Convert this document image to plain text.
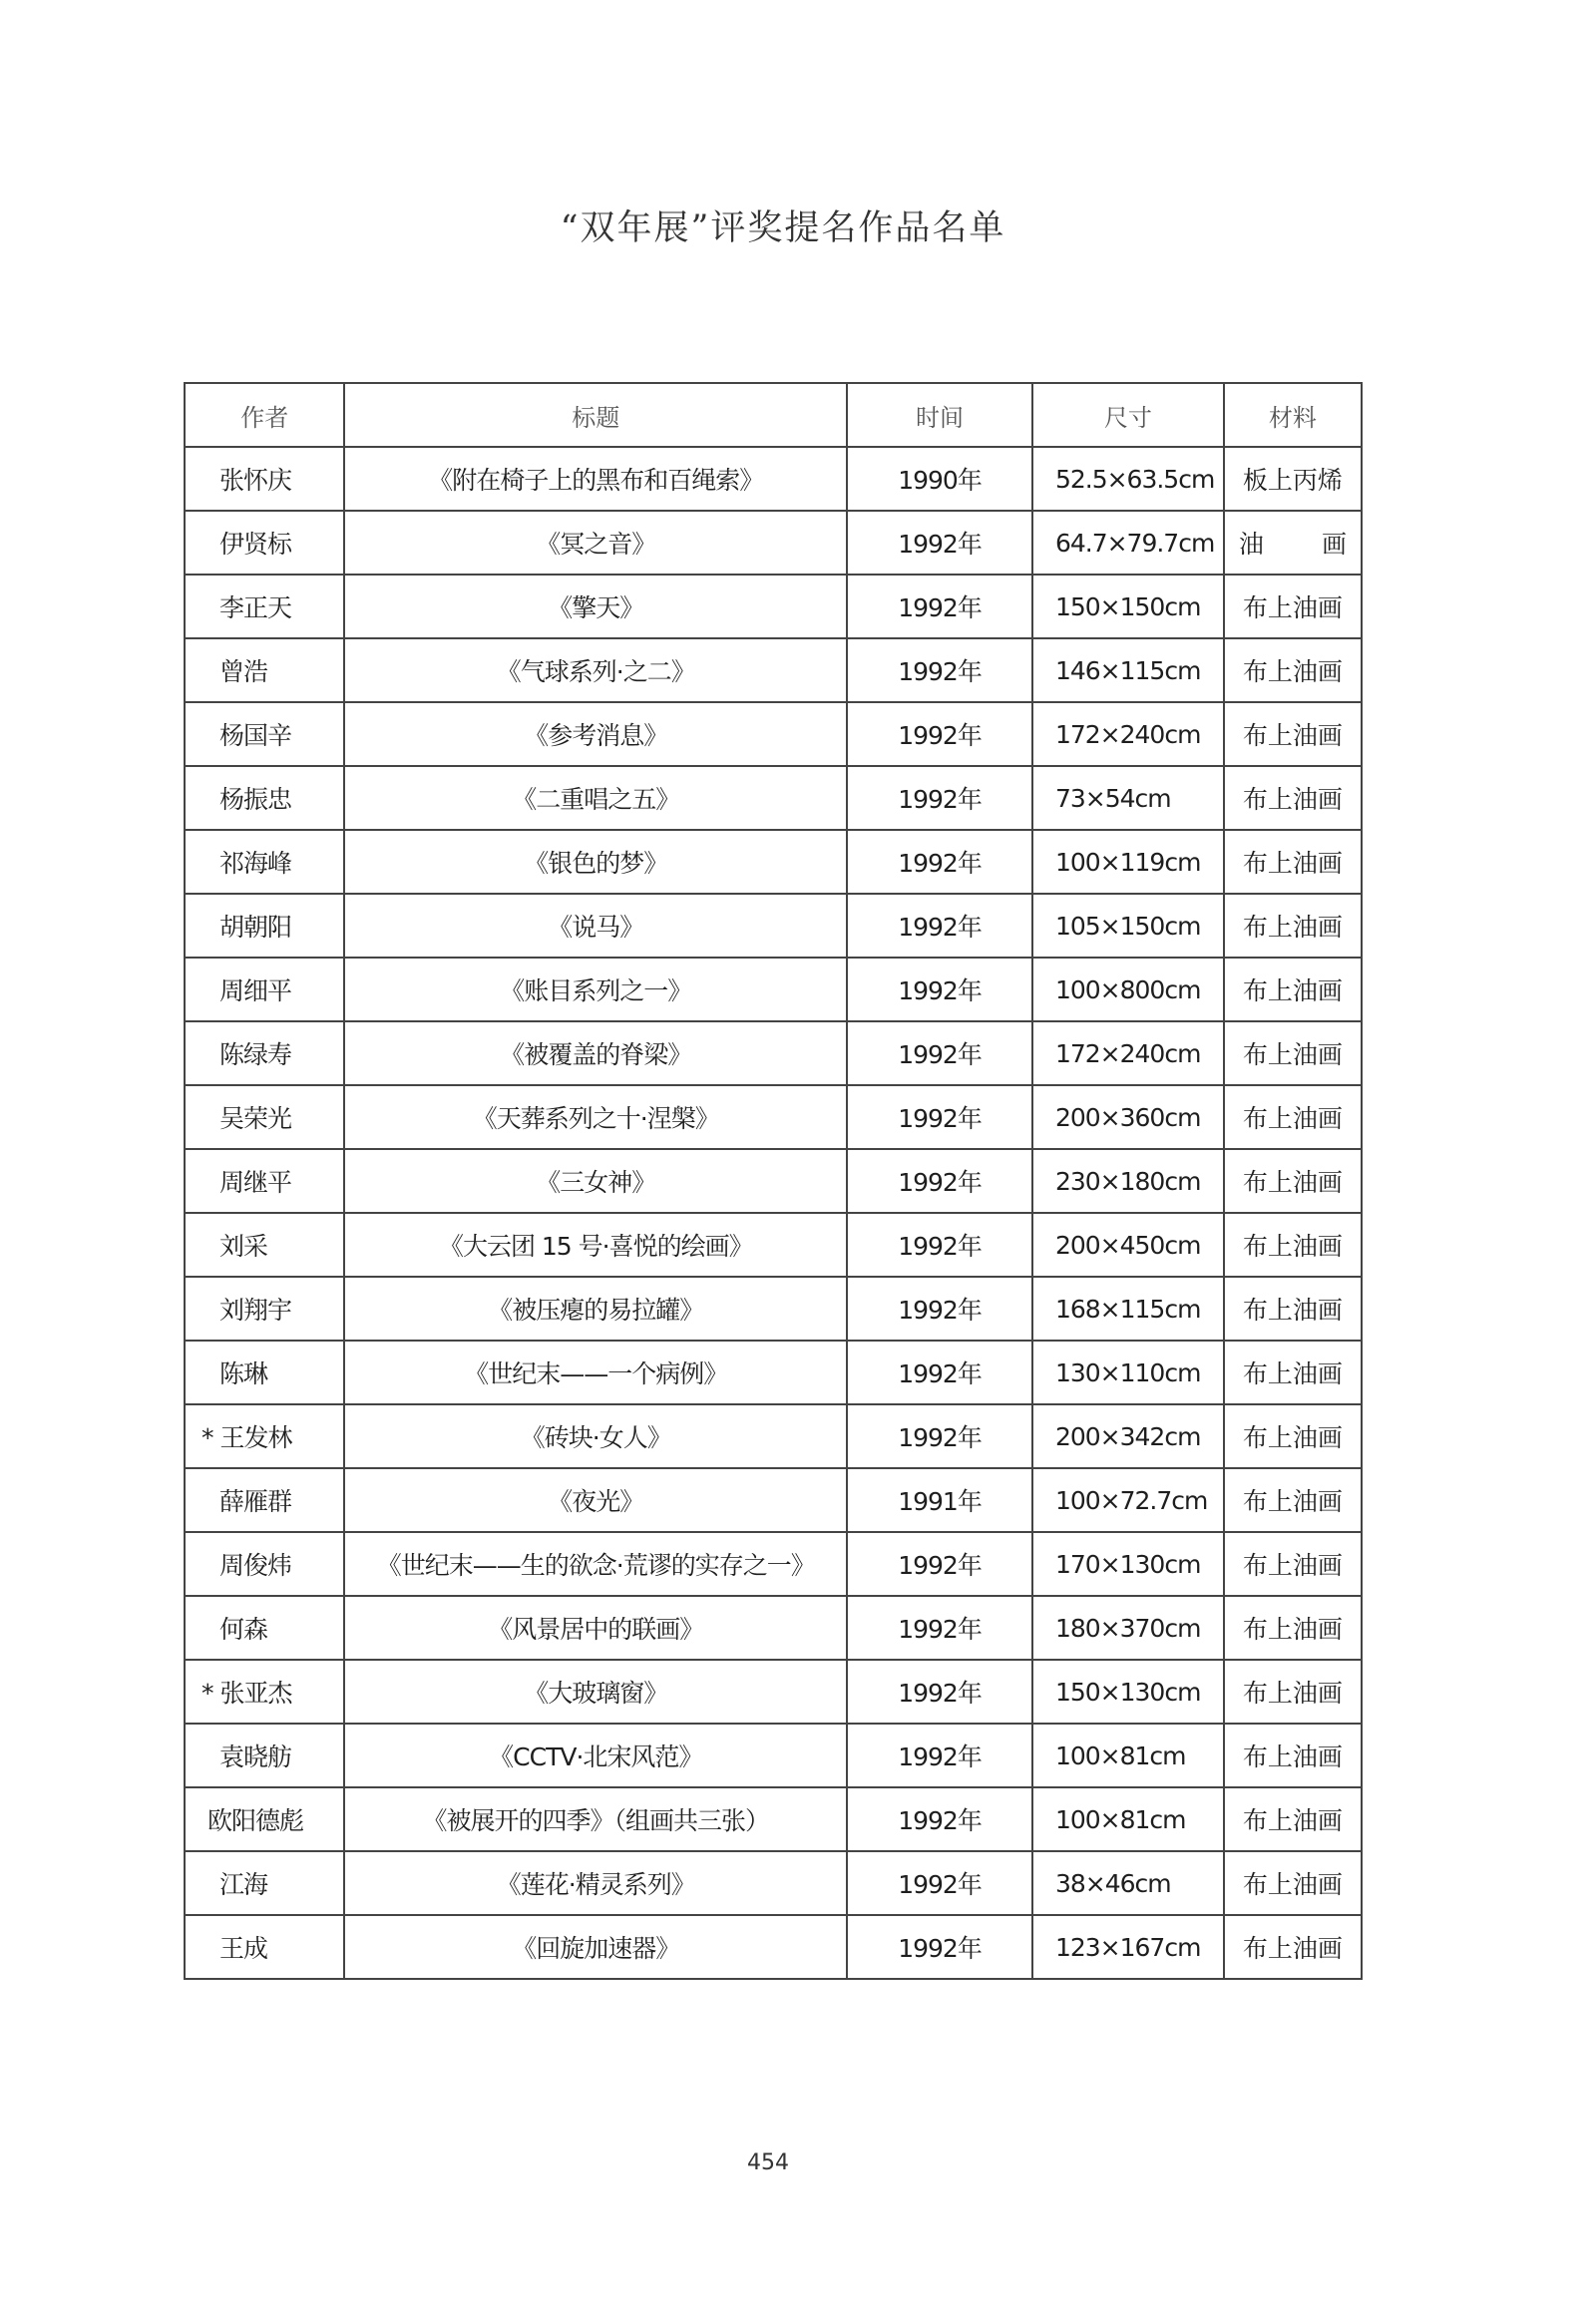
“双年展”评奖提名作品名单
作者	标题	时间	尺寸	材料
张怀庆	《附在椅子上的黑布和百绳索》	1990年	52.5×63.5cm	板上丙烯
伊贤标	《冥之音》	1992年	64.7×79.7cm	油　画
李正天	《擎天》	1992年	150×150cm	布上油画
曾浩	《气球系列·之二》	1992年	146×115cm	布上油画
杨国辛	《参考消息》	1992年	172×240cm	布上油画
杨振忠	《二重唱之五》	1992年	73×54cm	布上油画
祁海峰	《银色的梦》	1992年	100×119cm	布上油画
胡朝阳	《说马》	1992年	105×150cm	布上油画
周细平	《账目系列之一》	1992年	100×800cm	布上油画
陈绿寿	《被覆盖的脊梁》	1992年	172×240cm	布上油画
吴荣光	《天葬系列之十·涅槃》	1992年	200×360cm	布上油画
周继平	《三女神》	1992年	230×180cm	布上油画
刘采	《大云团 15 号·喜悦的绘画》	1992年	200×450cm	布上油画
刘翔宇	《被压瘪的易拉罐》	1992年	168×115cm	布上油画
陈琳	《世纪末——一个病例》	1992年	130×110cm	布上油画
* 王发林	《砖块·女人》	1992年	200×342cm	布上油画
薛雁群	《夜光》	1991年	100×72.7cm	布上油画
周俊炜	《世纪末——生的欲念·荒谬的实存之一》	1992年	170×130cm	布上油画
何森	《风景居中的联画》	1992年	180×370cm	布上油画
* 张亚杰	《大玻璃窗》	1992年	150×130cm	布上油画
袁晓舫	《CCTV·北宋风范》	1992年	100×81cm	布上油画
欧阳德彪	《被展开的四季》（组画共三张）	1992年	100×81cm	布上油画
江海	《莲花·精灵系列》	1992年	38×46cm	布上油画
王成	《回旋加速器》	1992年	123×167cm	布上油画
454
